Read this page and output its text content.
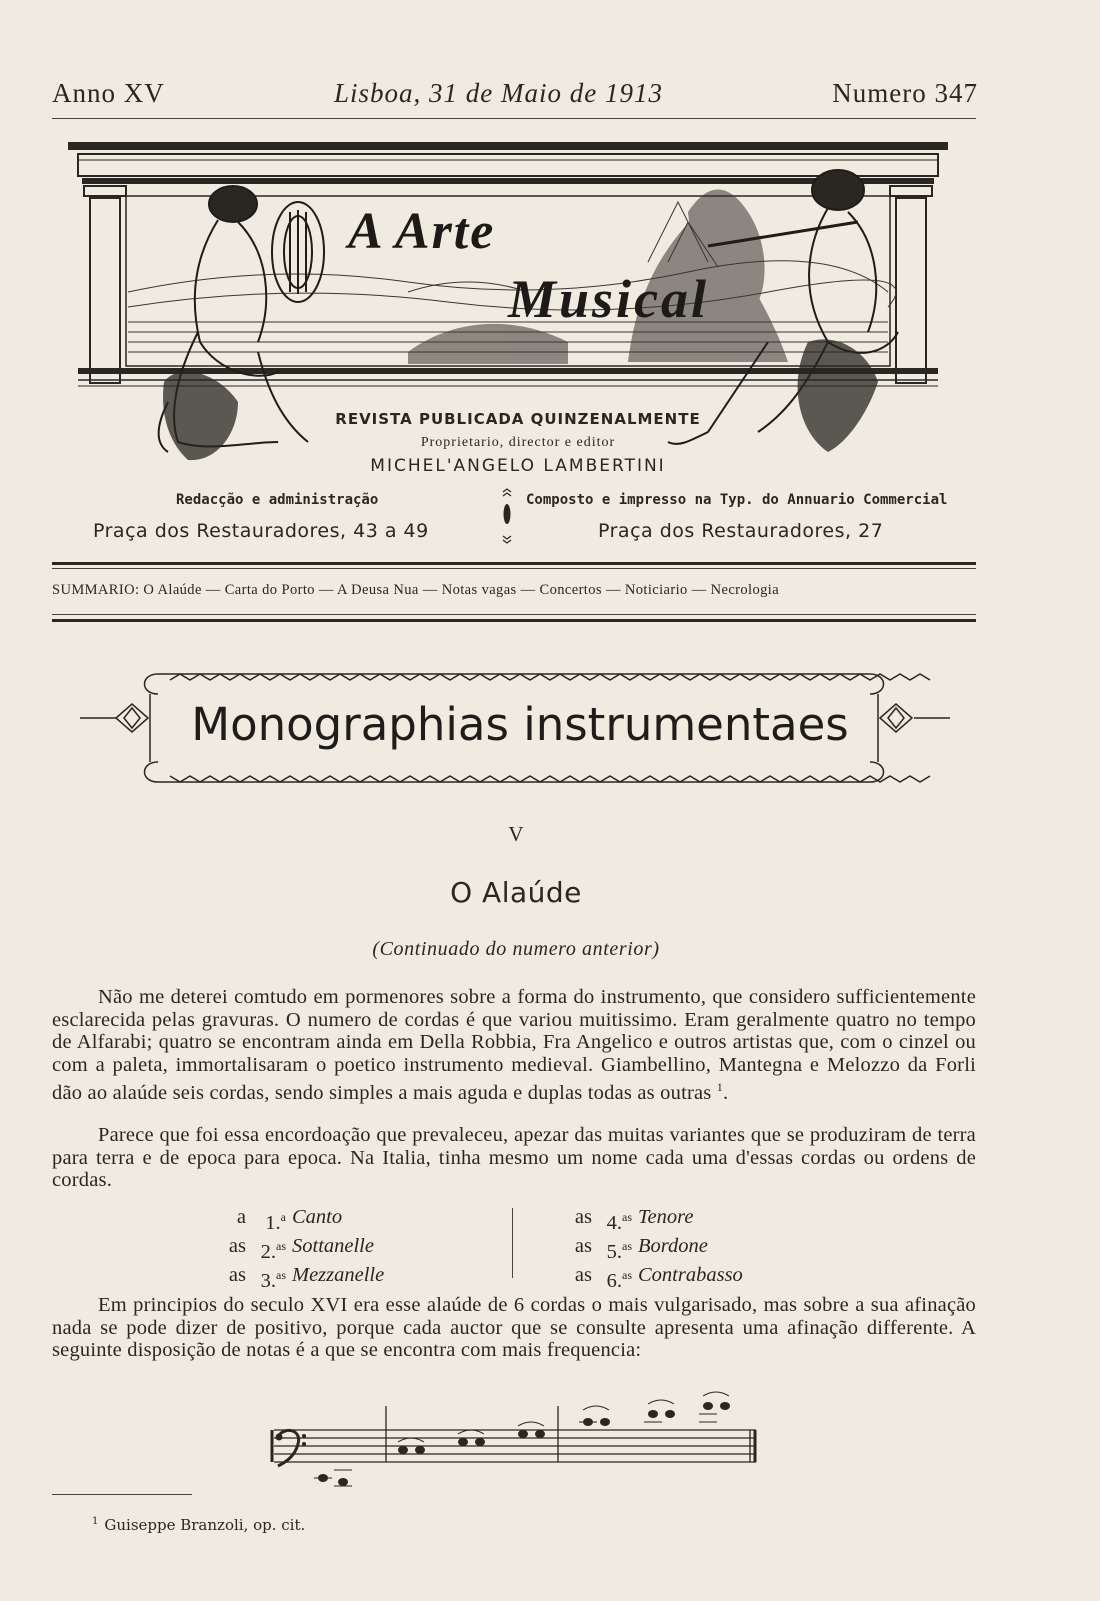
Anno XV	Lisboa, 31 de Maio de 1913	Numero 347
A Arte
Musical
REVISTA PUBLICADA QUINZENALMENTE
Proprietario, director e editor
MICHEL'ANGELO LAMBERTINI
Redacção e administração
Praça dos Restauradores, 43 a 49
Composto e impresso na Typ. do Annuario Commercial
Praça dos Restauradores, 27
SUMMARIO: O Alaúde — Carta do Porto — A Deusa Nua — Notas vagas — Concertos — Noticiario — Necrologia
Monographias instrumentaes
V
O Alaúde
(Continuado do numero anterior)
Não me deterei comtudo em pormenores sobre a forma do instrumento, que considero sufficientemente esclarecida pelas gravuras. O numero de cordas é que variou muitissimo. Eram geralmente quatro no tempo de Alfarabi; quatro se encontram ainda em Della Robbia, Fra Angelico e outros artistas que, com o cinzel ou com a paleta, immortalisaram o poetico instrumento medieval. Giambellino, Mantegna e Melozzo da Forli dão ao alaúde seis cordas, sendo simples a mais aguda e duplas todas as outras $^1$.
Parece que foi essa encordoação que prevaleceu, apezar das muitas variantes que se produziram de terra para terra e de epoca para epoca. Na Italia, tinha mesmo um nome cada uma d'essas cordas ou ordens de cordas.
a 1.$^a$ Canto
as 2.$^{as}$ Sottanelle
as 3.$^{as}$ Mezzanelle
as 4.$^{as}$ Tenore
as 5.$^{as}$ Bordone
as 6.$^{as}$ Contrabasso
Em principios do seculo XVI era esse alaúde de 6 cordas o mais vulgarisado, mas sobre a sua afinação nada se pode dizer de positivo, porque cada auctor que se consulte apresenta uma afinação differente. A seguinte disposição de notas é a que se encontra com mais frequencia:
$^1$ Guiseppe Branzoli, op. cit.
